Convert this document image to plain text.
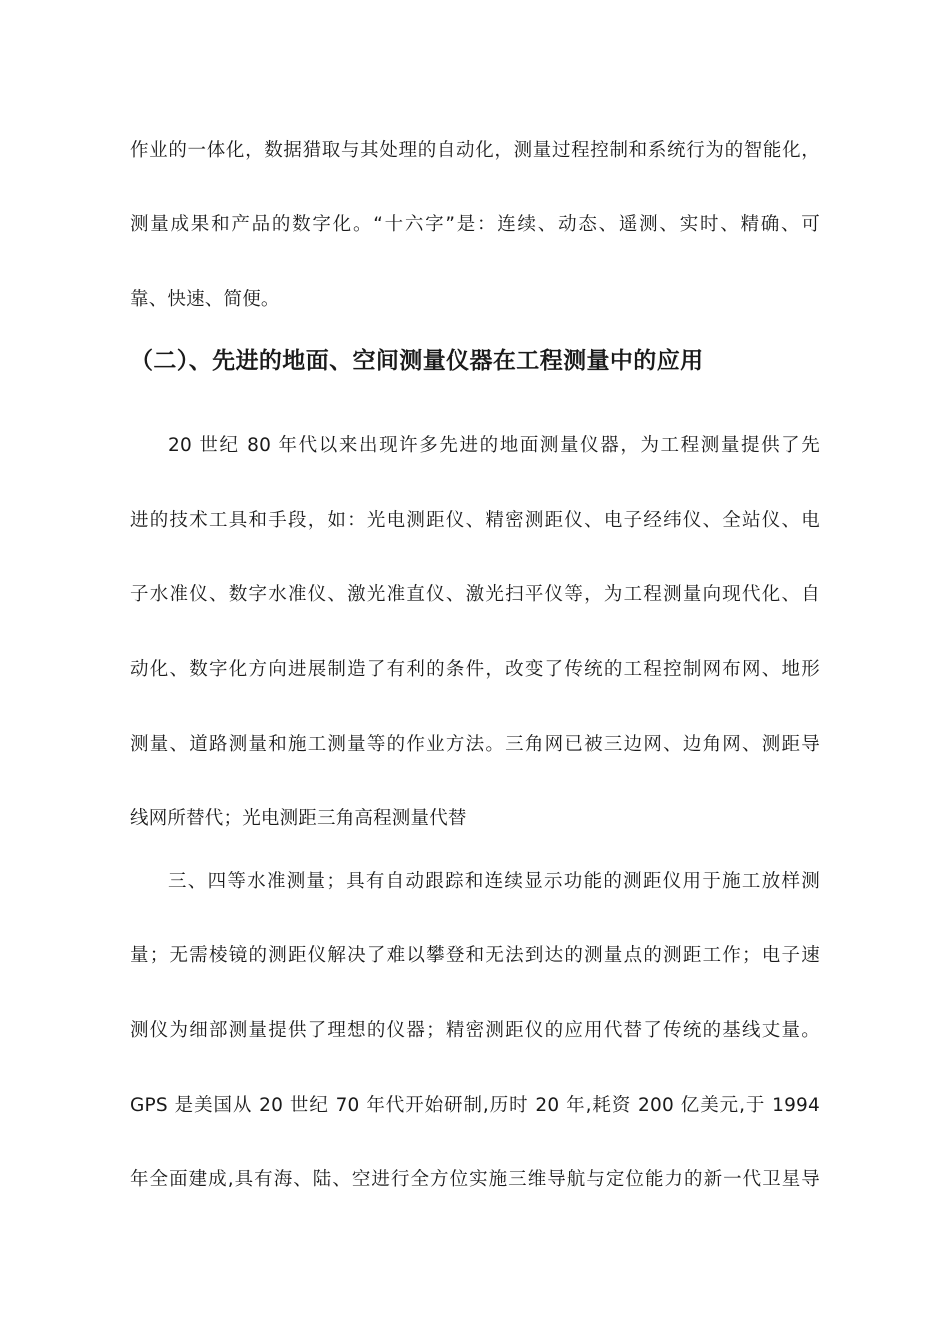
作业的一体化，数据猎取与其处理的自动化，测量过程控制和系统行为的智能化，
测量成果和产品的数字化。“十六字”是：连续、动态、遥测、实时、精确、可
靠、快速、简便。
（二）、先进的地面、空间测量仪器在工程测量中的应用
20 世纪 80 年代以来出现许多先进的地面测量仪器，为工程测量提供了先
进的技术工具和手段，如：光电测距仪、精密测距仪、电子经纬仪、全站仪、电
子水准仪、数字水准仪、激光准直仪、激光扫平仪等，为工程测量向现代化、自
动化、数字化方向进展制造了有利的条件，改变了传统的工程控制网布网、地形
测量、道路测量和施工测量等的作业方法。三角网已被三边网、边角网、测距导
线网所替代；光电测距三角高程测量代替
三、四等水准测量；具有自动跟踪和连续显示功能的测距仪用于施工放样测
量；无需棱镜的测距仪解决了难以攀登和无法到达的测量点的测距工作；电子速
测仪为细部测量提供了理想的仪器；精密测距仪的应用代替了传统的基线丈量。
GPS 是美国从 20 世纪 70 年代开始研制,历时 20 年,耗资 200 亿美元,于 1994
年全面建成,具有海、陆、空进行全方位实施三维导航与定位能力的新一代卫星导
